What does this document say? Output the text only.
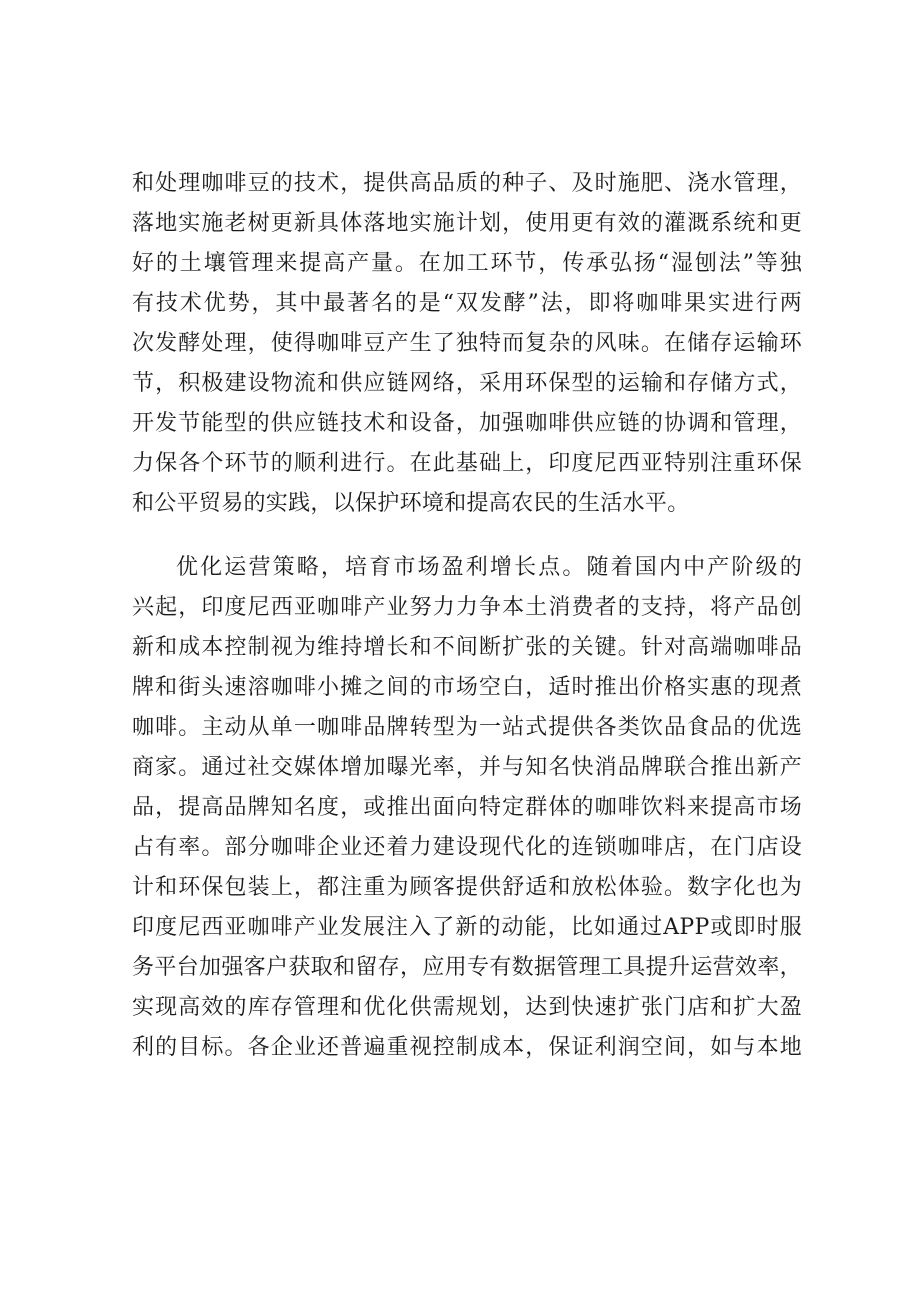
和处理咖啡豆的技术，提供高品质的种子、及时施肥、浇水管理，
落地实施老树更新具体落地实施计划，使用更有效的灌溉系统和更
好的土壤管理来提高产量。在加工环节，传承弘扬“湿刨法”等独
有技术优势，其中最著名的是“双发酵”法，即将咖啡果实进行两
次发酵处理，使得咖啡豆产生了独特而复杂的风味。在储存运输环
节，积极建设物流和供应链网络，采用环保型的运输和存储方式，
开发节能型的供应链技术和设备，加强咖啡供应链的协调和管理，
力保各个环节的顺利进行。在此基础上，印度尼西亚特别注重环保
和公平贸易的实践，以保护环境和提高农民的生活水平。
优化运营策略，培育市场盈利增长点。随着国内中产阶级的
兴起，印度尼西亚咖啡产业努力力争本土消费者的支持，将产品创
新和成本控制视为维持增长和不间断扩张的关键。针对高端咖啡品
牌和街头速溶咖啡小摊之间的市场空白，适时推出价格实惠的现煮
咖啡。主动从单一咖啡品牌转型为一站式提供各类饮品食品的优选
商家。通过社交媒体增加曝光率，并与知名快消品牌联合推出新产
品，提高品牌知名度，或推出面向特定群体的咖啡饮料来提高市场
占有率。部分咖啡企业还着力建设现代化的连锁咖啡店，在门店设
计和环保包装上，都注重为顾客提供舒适和放松体验。数字化也为
印度尼西亚咖啡产业发展注入了新的动能，比如通过APP或即时服
务平台加强客户获取和留存，应用专有数据管理工具提升运营效率，
实现高效的库存管理和优化供需规划，达到快速扩张门店和扩大盈
利的目标。各企业还普遍重视控制成本，保证利润空间，如与本地
